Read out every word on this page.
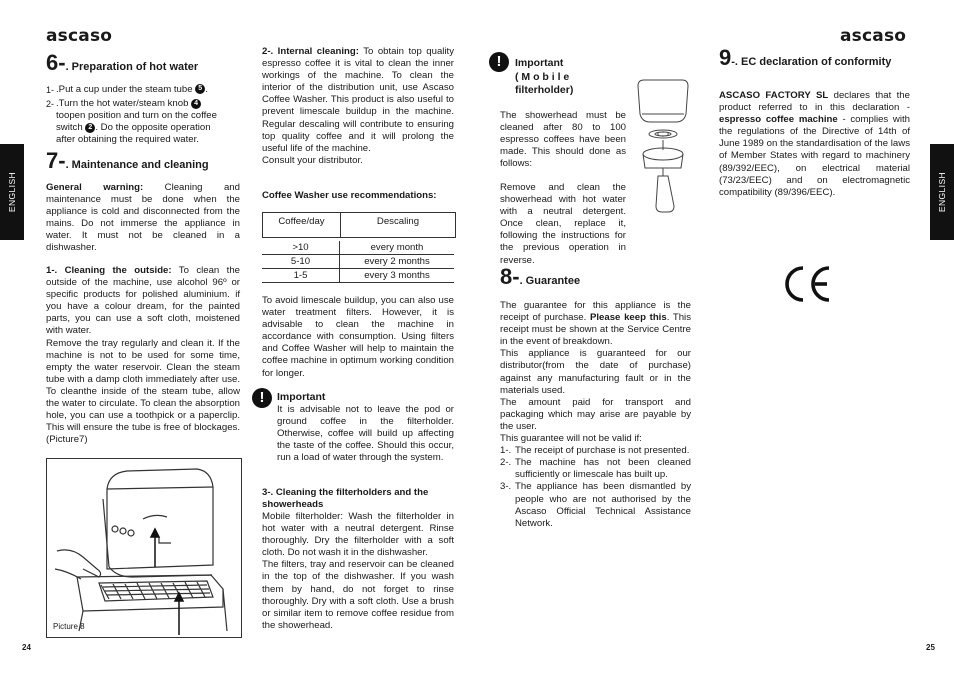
ascaso
ENGLISH
6-. Preparation of hot water
1- .Put a cup under the steam tube 5 .
2- .Turn the hot water/steam knob 4
toopen position and turn on the coffee
switch 2 . Do the opposite operation
after obtaining the required water.
7-. Maintenance and cleaning
General warning: Cleaning and maintenance must be done when the appliance is cold and disconnected from the mains. Do not immerse the appliance in water. It must not be cleaned in a dishwasher.

1-. Cleaning the outside: To clean the outside of the machine, use alcohol 96º or specific products for polished aluminium. if you have a colour dream, for the painted parts, you can use a soft cloth, moistened with water.

Remove the tray regularly and clean it. If the machine is not to be used for some time, empty the water reservoir. Clean the steam tube with a damp cloth immediately after use. To cleanthe inside of the steam tube, allow the water to circulate. To clean the absorption hole, you can use a toothpick or a paperclip. This will ensure the tube is free of blockages.(Picture7)

Picture 8
24

2-. Internal cleaning: To obtain top quality espresso coffee it is vital to clean the inner workings of the machine. To clean the interior of the distribution unit, use Ascaso Coffee Washer. This product is also useful to prevent limescale buildup in the machine. Regular descaling will contribute to ensuring top quality coffee and it will prolong the useful life of the machine.

Consult your distributor.

Coffee Washer use recommendations:
Coffee/day	Descaling
>10	every month
5-10	every 2 months
1-5	every 3 months
To avoid limescale buildup, you can also use water treatment filters. However, it is advisable to clean the machine in accordance with consumption. Using filters and Coffee Washer will help to maintain the coffee machine in optimum working condition for longer.
!	Important
It is advisable not to leave the pod or ground coffee in the filterholder. Otherwise, coffee will build up affecting the taste of the coffee. Should this occur, run a load of water through the system.
3-. Cleaning the filterholders and the showerheads

Mobile filterholder: Wash the filterholder in hot water with a neutral detergent. Rinse thoroughly. Dry the filterholder with a soft cloth. Do not wash it in the dishwasher.

The filters, tray and reservoir can be cleaned in the top of the dishwasher. If you wash them by hand, do not forget to rinse thoroughly. Dry with a soft cloth. Use a brush or similar item to remove coffee residue from the showerhead.

!	Important
( M o b i l e
filterholder)
The showerhead must be cleaned after 80 to 100 espresso coffees have been made. This should done as follows:
Remove and clean the showerhead with hot water with a neutral detergent. Once clean, replace it, following the instructions for the previous operation in reverse.
8-. Guarantee

The guarantee for this appliance is the receipt of purchase. Please keep this. This receipt must be shown at the Service Centre in the event of breakdown.

This appliance is guaranteed for our distributor(from the date of purchase) against any manufacturing fault or in the materials used.

The amount paid for transport and packaging which may arise are payable by the user.

This guarantee will not be valid if:

1-. The receipt of purchase is not presented.
2-. The machine has not been cleaned sufficiently or limescale has built up.
3-. The appliance has been dismantled by people who are not authorised by the Ascaso Official Technical Assistance Network.
ascaso
ENGLISH
9-. EC declaration of conformity
ASCASO FACTORY SL declares that the product referred to in this declaration - espresso coffee machine - complies with the regulations of the Directive of 14th of June 1989 on the standardisation of the laws of Member States with regard to machinery (89/392/EEC), on electrical material (73/23/EEC) and on electromagnetic compatibility (89/396/EEC).
25
